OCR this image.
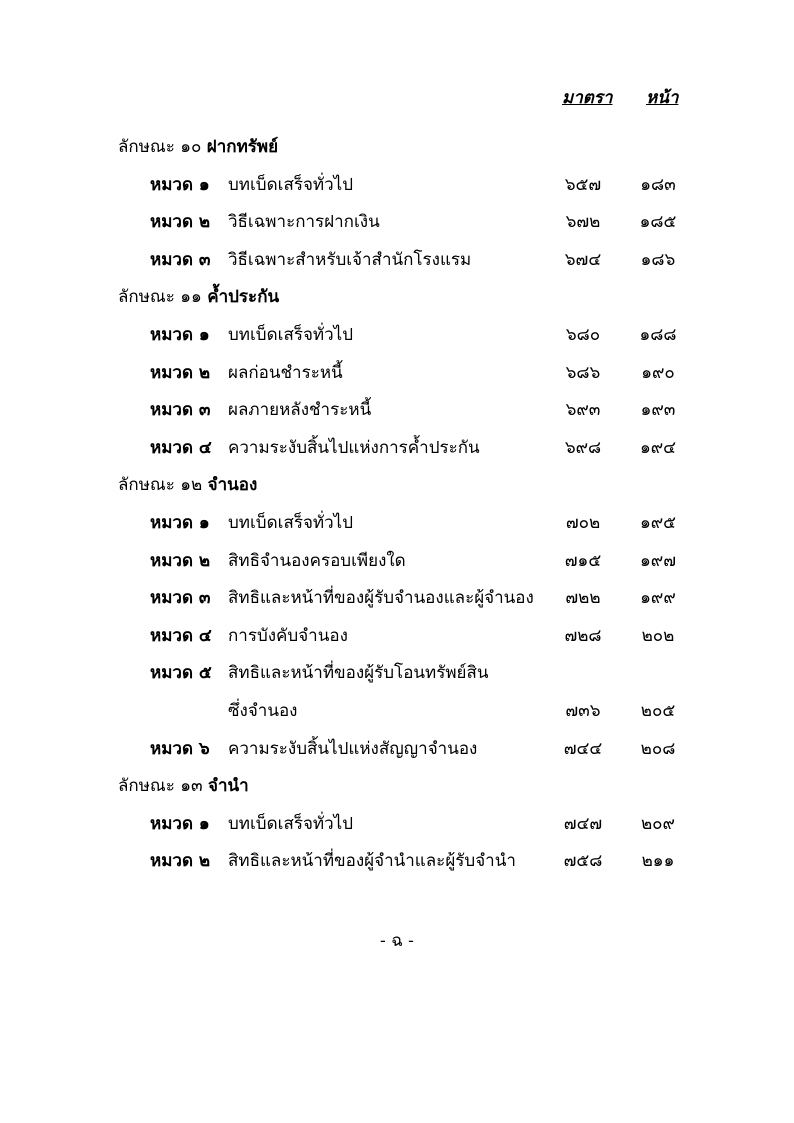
มาตรา หน้า
ลักษณะ ๑๐ ฝากทรัพย์
หมวด ๑ บทเบ็ดเสร็จทั่วไป	๖๕๗	๑๘๓
หมวด ๒ วิธีเฉพาะการฝากเงิน	๖๗๒	๑๘๕
หมวด ๓ วิธีเฉพาะสำหรับเจ้าสำนักโรงแรม	๖๗๔	๑๘๖
ลักษณะ ๑๑ ค้ำประกัน
หมวด ๑ บทเบ็ดเสร็จทั่วไป	๖๘๐	๑๘๘
หมวด ๒ ผลก่อนชำระหนี้	๖๘๖	๑๙๐
หมวด ๓ ผลภายหลังชำระหนี้	๖๙๓	๑๙๓
หมวด ๔ ความระงับสิ้นไปแห่งการค้ำประกัน	๖๙๘	๑๙๔
ลักษณะ ๑๒ จำนอง
หมวด ๑ บทเบ็ดเสร็จทั่วไป	๗๐๒	๑๙๕
หมวด ๒ สิทธิจำนองครอบเพียงใด	๗๑๕	๑๙๗
หมวด ๓ สิทธิและหน้าที่ของผู้รับจำนองและผู้จำนอง	๗๒๒	๑๙๙
หมวด ๔ การบังคับจำนอง	๗๒๘	๒๐๒
หมวด ๕ สิทธิและหน้าที่ของผู้รับโอนทรัพย์สิน
ซึ่งจำนอง	๗๓๖	๒๐๕
หมวด ๖ ความระงับสิ้นไปแห่งสัญญาจำนอง	๗๔๔	๒๐๘
ลักษณะ ๑๓ จำนำ
หมวด ๑ บทเบ็ดเสร็จทั่วไป	๗๔๗	๒๐๙
หมวด ๒ สิทธิและหน้าที่ของผู้จำนำและผู้รับจำนำ	๗๕๘	๒๑๑
- ฉ -
